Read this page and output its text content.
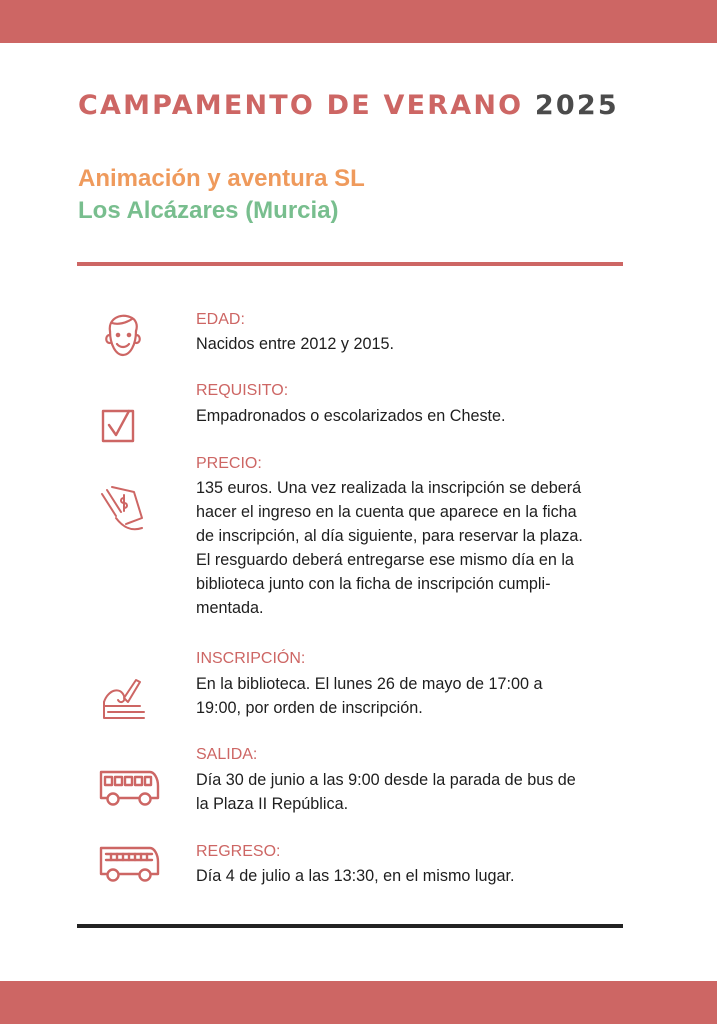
CAMPAMENTO DE VERANO 2025
Animación y aventura SL
Los Alcázares (Murcia)
EDAD:
Nacidos entre 2012 y 2015.
REQUISITO:
Empadronados o escolarizados en Cheste.
PRECIO:
135 euros. Una vez realizada la inscripción se deberá
hacer el ingreso en la cuenta que aparece en la ficha
de inscripción, al día siguiente, para reservar la plaza.
El resguardo deberá entregarse ese mismo día en la
biblioteca junto con la ficha de inscripción cumpli-
mentada.
INSCRIPCIÓN:
En la biblioteca. El lunes 26 de mayo de 17:00 a
19:00, por orden de inscripción.
SALIDA:
Día 30 de junio a las 9:00 desde la parada de bus de
la Plaza II República.
REGRESO:
Día 4 de julio a las 13:30, en el mismo lugar.
